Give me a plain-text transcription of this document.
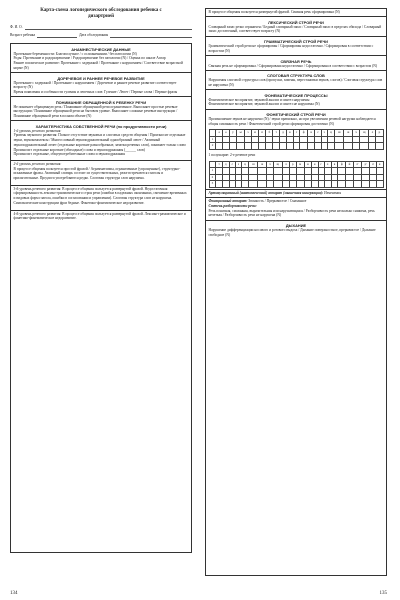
Карта-схема логопедического обследования ребенка с дизартрией
Ф. И. О.
Возраст ребенка	Дата обследования
АНАМНЕСТИЧЕСКИЕ ДАННЫЕ

Протекание беременности: Благополучное / с осложнениями / без патологии (N)

Роды: Протекание и родоразрешение / Родоразрешение без патологии (N) / Оценка по шкале Апгар

Раннее психическое развитие: Протекание с задержкой / Протекание с нарушением / Соответствие возрастной норме (N)

ДОРЕЧЕВОЕ И РАННЕЕ РЕЧЕВОЕ РАЗВИТИЕ

Протекание с задержкой / Протекание с нарушением / Доречевое и раннее речевое развитие соответствует возрасту (N)

Время появления и особенности гуления и лепетных слов: Гуление / Лепет / Первые слова / Первые фразы

ПОНИМАНИЕ ОБРАЩЕННОЙ К РЕБЕНКУ РЕЧИ

Не понимает обращенную речь / Понимание обращенной речи ограниченное. Выполняет простые речевые инструкции / Понимание обращенной речи на бытовом уровне. Выполняет сложные речевые инструкции / Понимание обращенной речи в полном объеме (N)

ХАРАКТЕРИСТИКА СОБСТВЕННОЙ РЕЧИ (по продуктивности речи)

1-й уровень речевого развития:

Уровень звукового развития: Полное отсутствие звуковых и слоговых средств общения / Произносит отдельные звуки, звукокомплексы / Многословный звукоподражательный однообразный лепет / Активный звукоподражательный лепет (отдельные короткие разнообразные, зачатки речевых слов), понимает только слово

Произносит отдельные короткие (обиходные) слова и звукоподражания (______ слов)

Произносит отдельные, общеупотребительные слова и звукоподражания

2-й уровень речевого развития:

В процессе общения пользуется простой фразой / Аграмматизмы, ограниченные (упрощенные), структурно-искаженные фразы. Активный словарь состоит из существительных, реже встречаются глаголы и прилагательные. Предлоги употребляются редко. Слоговая структура слов нарушена.

3-й уровень речевого развития: В процессе общения пользуется развернутой фразой. Недостаточная сформированность лексико-грамматического строя речи (ошибки в падежных окончаниях, смешение временных и видовых форм глагола, ошибки в согласовании и управлении). Слоговая структура слов не нарушена. Синтаксические конструкции фраз бедные. Фонетико-фонематическое недоразвитие.

4-й уровень речевого развития: В процессе общения пользуется развернутой фразой. Лексико-грамматическое и фонетико-фонематическое недоразвитие.

134

В процессе общения пользуется развернутой фразой. Связная речь сформирована (N)

ЛЕКСИЧЕСКИЙ СТРОЙ РЕЧИ

Словарный запас резко ограничен / Бедный словарный запас / Словарный запас в пределах обихода / Словарный запас достаточный, соответствует возрасту (N)

ГРАММАТИЧЕСКИЙ СТРОЙ РЕЧИ

Грамматический строй речи не сформирован / Сформирован недостаточно / Сформирован в соответствии с возрастом (N)

СВЯЗНАЯ РЕЧЬ

Связная речь не сформирована / Сформирована недостаточно / Сформирована в соответствии с возрастом (N)

СЛОГОВАЯ СТРУКТУРА СЛОВ

Нарушения слоговой структуры слов (пропуски, замены, перестановки звуков, слогов) / Слоговая структура слов не нарушена (N)

ФОНЕМАТИЧЕСКИЕ ПРОЦЕССЫ

Фонематическое восприятие, звуковой анализ и синтез нарушены

Фонематическое восприятие, звуковой анализ и синтез не нарушены (N)

ФОНЕТИЧЕСКИЙ СТРОЙ РЕЧИ

Произношение звуков не нарушено (N) / звуки правильно, но при увеличении речевой нагрузки наблюдается общая смазанность речи / Фонетический строй речи сформирован достаточно (N)

	а	о	у	ы	э	и	п	б	т	д	к	г	ф	в	с	з	ц	ш	ж	ч	щ	л	р
1																							
2																							

1 полушарие: 2-е речевое речи

	т	д	с	з	ц	ш	ж	ч	щ	л	р	м	н	к	г	х	в	ф	й	л'	р'	ё	я
1																							
2																							
3																							

Артикуляционный (анатомический) аппарат (мышечная иннервация): Изменения

Фонационный аппарат: Звонкость / Прерывистое / Смазанное

Степень разборчивости речи:

Речь понятная, смазанная, выразительная или нарушающаяся / Разборчивость речи несколько снижена, речь нечеткая / Разборчивость речи не нарушена (N)

ДЫХАНИЕ

Нарушение дифференциации носового и ротового выдоха / Дыхание поверхностное, прерывистое / Дыхание свободное (N)

135
